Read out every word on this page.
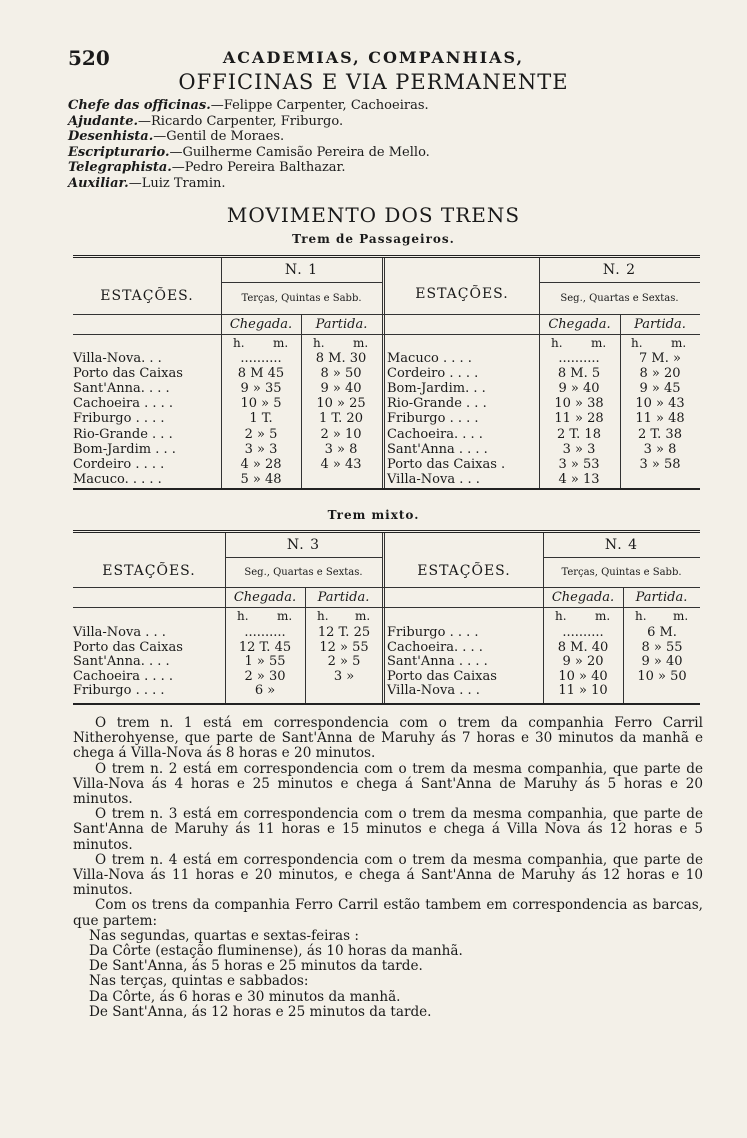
520	ACADEMIAS, COMPANHIAS,
OFFICINAS E VIA PERMANENTE
Chefe das officinas.—Felippe Carpenter, Cachoeiras.
Ajudante.—Ricardo Carpenter, Friburgo.
Desenhista.—Gentil de Moraes.
Escripturario.—Guilherme Camisão Pereira de Mello.
Telegraphista.—Pedro Pereira Balthazar.
Auxiliar.—Luiz Tramin.
MOVIMENTO DOS TRENS
Trem de Passageiros.
ESTAÇÕES.	ESTAÇÕES.
N. 1	N. 2
Terças, Quintas e Sabb.	Seg., Quartas e Sextas.
Chegada.	Partida.	Chegada.	Partida.
h. m. h. m.	h. m. h. m.
Villa-Nova. . .	..........	8 M. 30	Macuco . . . .	..........	7 M. »
Porto das Caixas	8 M 45	8 » 50	Cordeiro . . . .	8 M. 5	8 » 20
Sant'Anna. . . .	9 » 35	9 » 40	Bom-Jardim. . .	9 » 40	9 » 45
Cachoeira . . . .	10 » 5	10 » 25	Rio-Grande . . .	10 » 38	10 » 43
Friburgo . . . .	1 T.	1 T. 20	Friburgo . . . .	11 » 28	11 » 48
Rio-Grande . . .	2 » 5	2 » 10	Cachoeira. . . .	2 T. 18	2 T. 38
Bom-Jardim . . .	3 » 3	3 » 8	Sant'Anna . . . .	3 » 3	3 » 8
Cordeiro . . . .	4 » 28	4 » 43	Porto das Caixas .	3 » 53	3 » 58
Macuco. . . . .	5 » 48	Villa-Nova . . .	4 » 13
Trem mixto.
ESTAÇÕES.	ESTAÇÕES.
N. 3	N. 4
Seg., Quartas e Sextas.	Terças, Quintas e Sabb.
Chegada.	Partida.	Chegada.	Partida.
h. m. h. m.	h. m. h. m.
Villa-Nova . . .	..........	12 T. 25	Friburgo . . . .	..........	6 M.
Porto das Caixas	12 T. 45	12 » 55	Cachoeira. . . .	8 M. 40	8 » 55
Sant'Anna. . . .	1 » 55	2 » 5	Sant'Anna . . . .	9 » 20	9 » 40
Cachoeira . . . .	2 » 30	3 »	Porto das Caixas	10 » 40	10 » 50
Friburgo . . . .	6 »	Villa-Nova . . .	11 » 10

O trem n. 1 está em correspondencia com o trem da companhia Ferro Carril Nitherohyense, que parte de Sant'Anna de Maruhy ás 7 horas e 30 minutos da manhã e chega á Villa-Nova ás 8 horas e 20 minutos.

O trem n. 2 está em correspondencia com o trem da mesma companhia, que parte de Villa-Nova ás 4 horas e 25 minutos e chega á Sant'Anna de Maruhy ás 5 horas e 20 minutos.

O trem n. 3 está em correspondencia com o trem da mesma companhia, que parte de Sant'Anna de Maruhy ás 11 horas e 15 minutos e chega á Villa Nova ás 12 horas e 5 minutos.

O trem n. 4 está em correspondencia com o trem da mesma companhia, que parte de Villa-Nova ás 11 horas e 20 minutos, e chega á Sant'Anna de Maruhy ás 12 horas e 10 minutos.

Com os trens da companhia Ferro Carril estão tambem em correspondencia as barcas, que partem:

Nas segundas, quartas e sextas-feiras :
Da Côrte (estação fluminense), ás 10 horas da manhã.
De Sant'Anna, ás 5 horas e 25 minutos da tarde.
Nas terças, quintas e sabbados:
Da Côrte, ás 6 horas e 30 minutos da manhã.
De Sant'Anna, ás 12 horas e 25 minutos da tarde.
